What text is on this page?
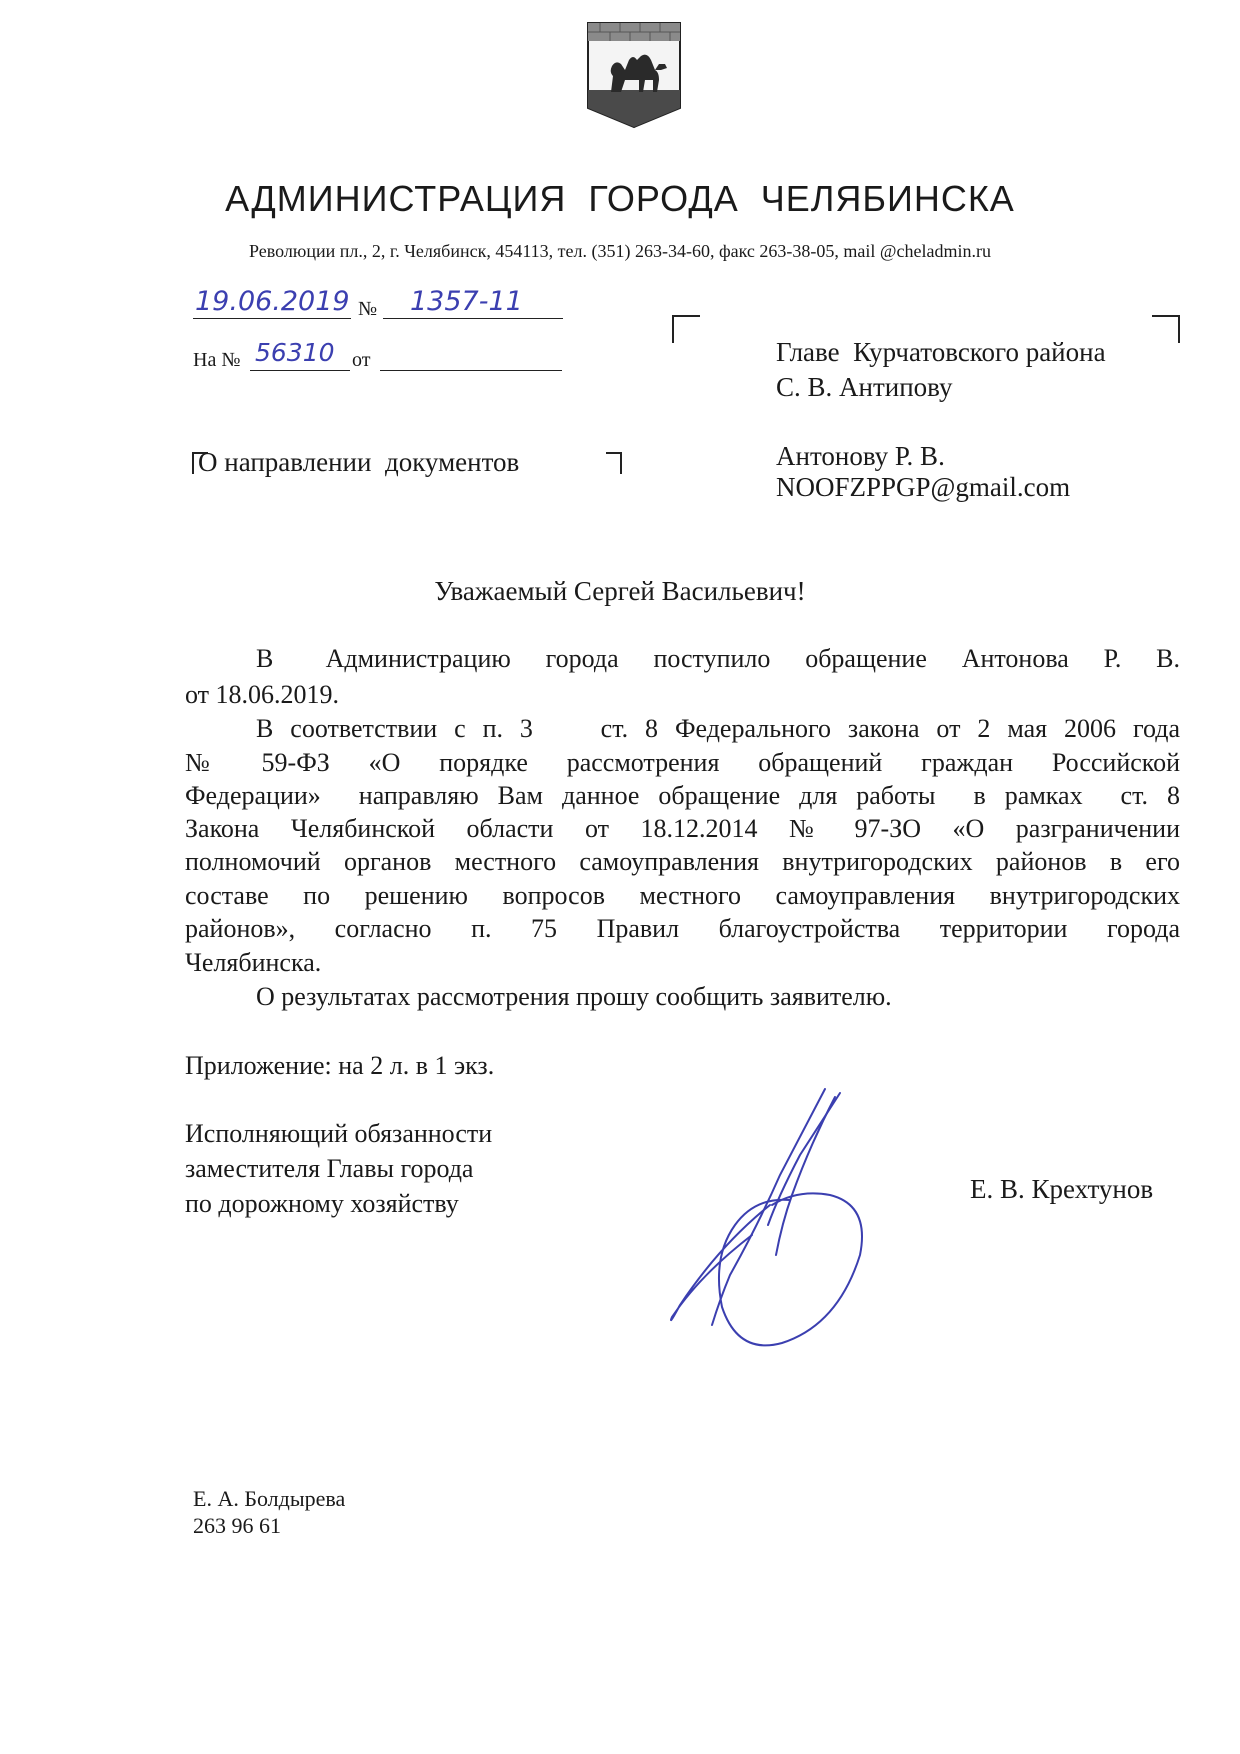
АДМИНИСТРАЦИЯ  ГОРОДА  ЧЕЛЯБИНСКА
Революции пл., 2, г. Челябинск, 454113, тел. (351) 263-34-60, факс 263-38-05, mail @cheladmin.ru
19.06.2019 № 1357-11
На № 56310 от	Главе  Курчатовского района
С. В. Антипову
Антонову Р. В.
NOOFZPPGP@gmail.com
О направлении  документов
Уважаемый Сергей Васильевич!
В   Администрацию  города  поступило  обращение  Антонова  Р.  В.
от 18.06.2019.
В соответствии с п. 3    ст. 8 Федерального закона от 2 мая 2006 года
№  59-ФЗ  «О  порядке  рассмотрения  обращений  граждан  Российской
Федерации»  направляю Вам данное обращение для работы  в рамках  ст. 8
Закона  Челябинской  области  от  18.12.2014  №  97-ЗО  «О  разграничении
полномочий органов местного самоуправления внутригородских районов в его
составе  по  решению  вопросов  местного  самоуправления  внутригородских
районов»,  согласно  п.  75  Правил  благоустройства  территории  города
Челябинска.
О результатах рассмотрения прошу сообщить заявителю.
Приложение: на 2 л. в 1 экз.
Исполняющий обязанности
заместителя Главы города
по дорожному хозяйству	Е. В. Крехтунов
Е. А. Болдырева
263 96 61
